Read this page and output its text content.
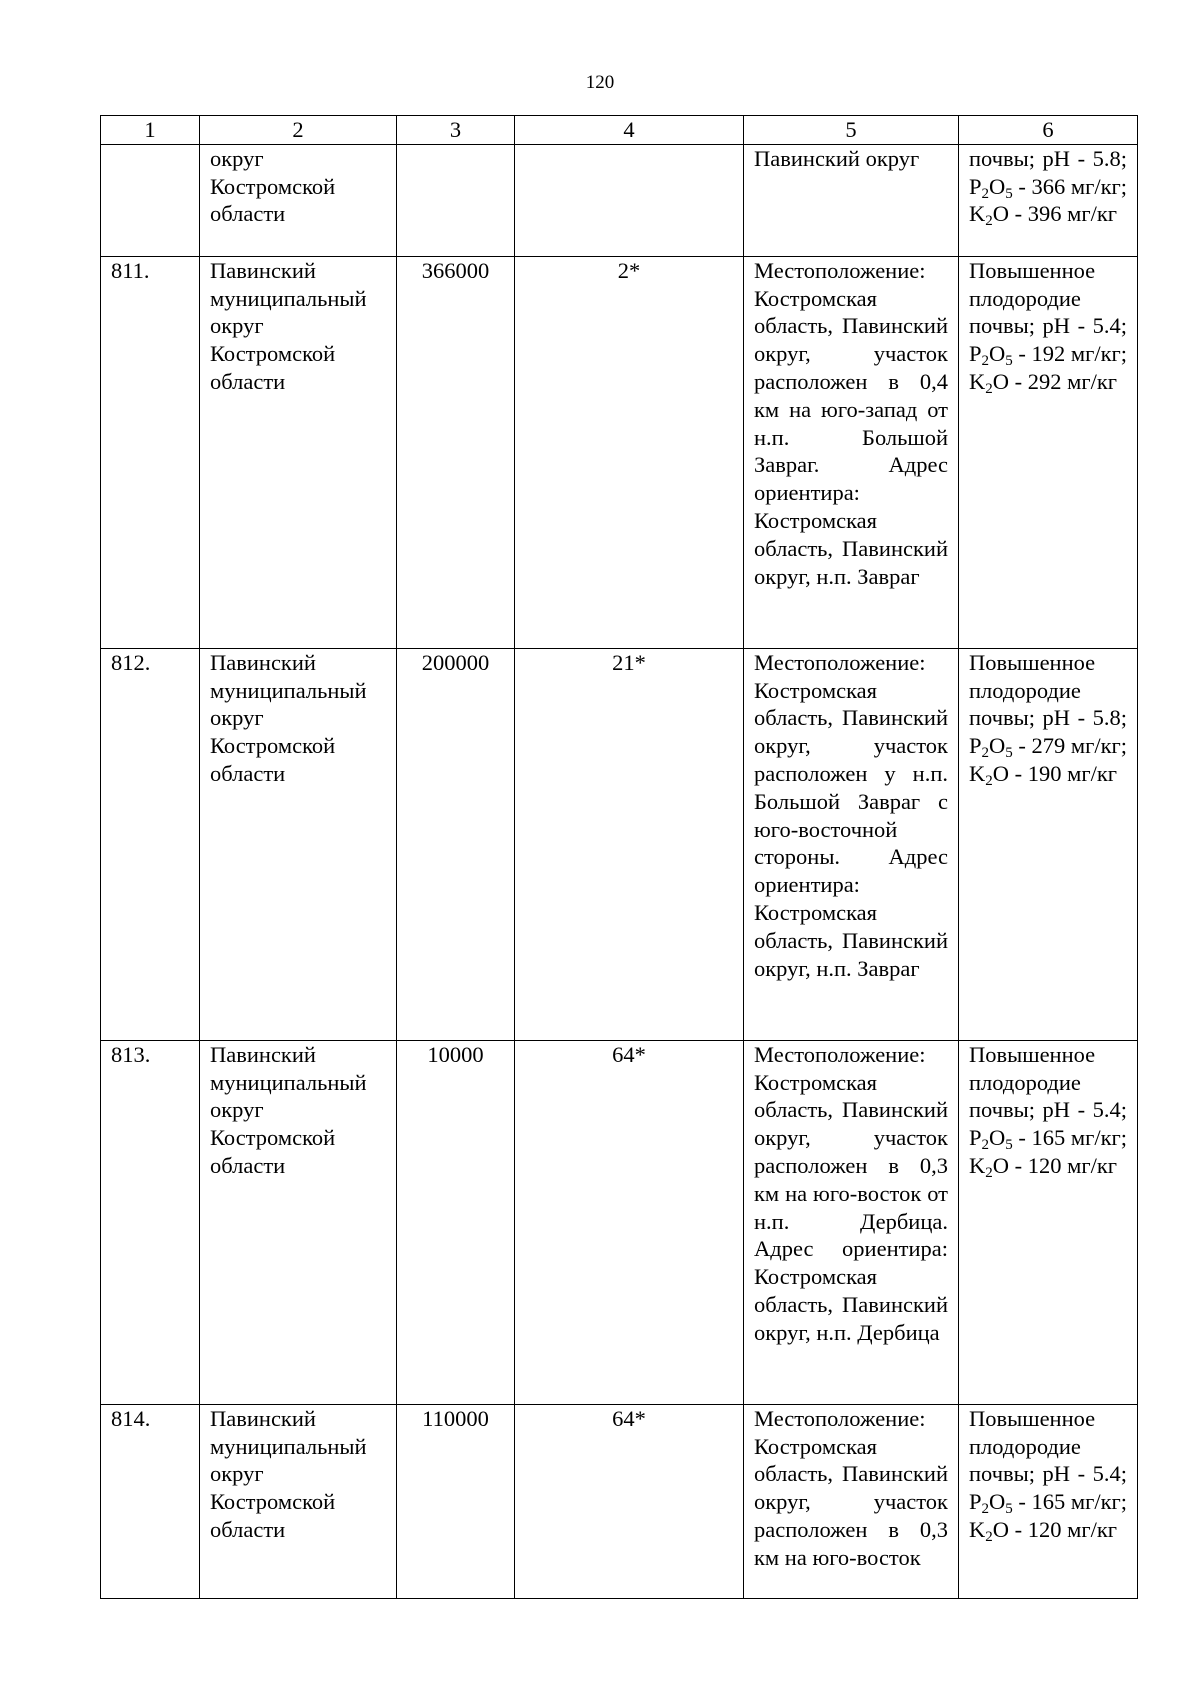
120
1	2	3	4	5	6
	округ Костромской области			Павинский округ	почвы; pH - 5.8; $P_2O_5 - 366$ мг/кг; $K_2O - 396$ мг/кг
811.	Павинский муниципальный округ Костромской области	366000	2*	Местоположение: Костромская область, Павинский округ, участок расположен в 0,4 км на юго-запад от н.п. Большой Завраг. Адрес ориентира: Костромская область, Павинский округ, н.п. Завраг	Повышенное плодородие почвы; pH - 5.4; $P_2O_5 - 192$ мг/кг; $K_2O - 292$ мг/кг
812.	Павинский муниципальный округ Костромской области	200000	21*	Местоположение: Костромская область, Павинский округ, участок расположен у н.п. Большой Завраг с юго-восточной стороны. Адрес ориентира: Костромская область, Павинский округ, н.п. Завраг	Повышенное плодородие почвы; pH - 5.8; $P_2O_5 - 279$ мг/кг; $K_2O - 190$ мг/кг
813.	Павинский муниципальный округ Костромской области	10000	64*	Местоположение: Костромская область, Павинский округ, участок расположен в 0,3 км на юго-восток от н.п. Дербица. Адрес ориентира: Костромская область, Павинский округ, н.п. Дербица	Повышенное плодородие почвы; pH - 5.4; $P_2O_5 - 165$ мг/кг; $K_2O - 120$ мг/кг
814.	Павинский муниципальный округ Костромской области	110000	64*	Местоположение: Костромская область, Павинский округ, участок расположен в 0,3 км на юго-восток	Повышенное плодородие почвы; pH - 5.4; $P_2O_5 - 165$ мг/кг; $K_2O - 120$ мг/кг
